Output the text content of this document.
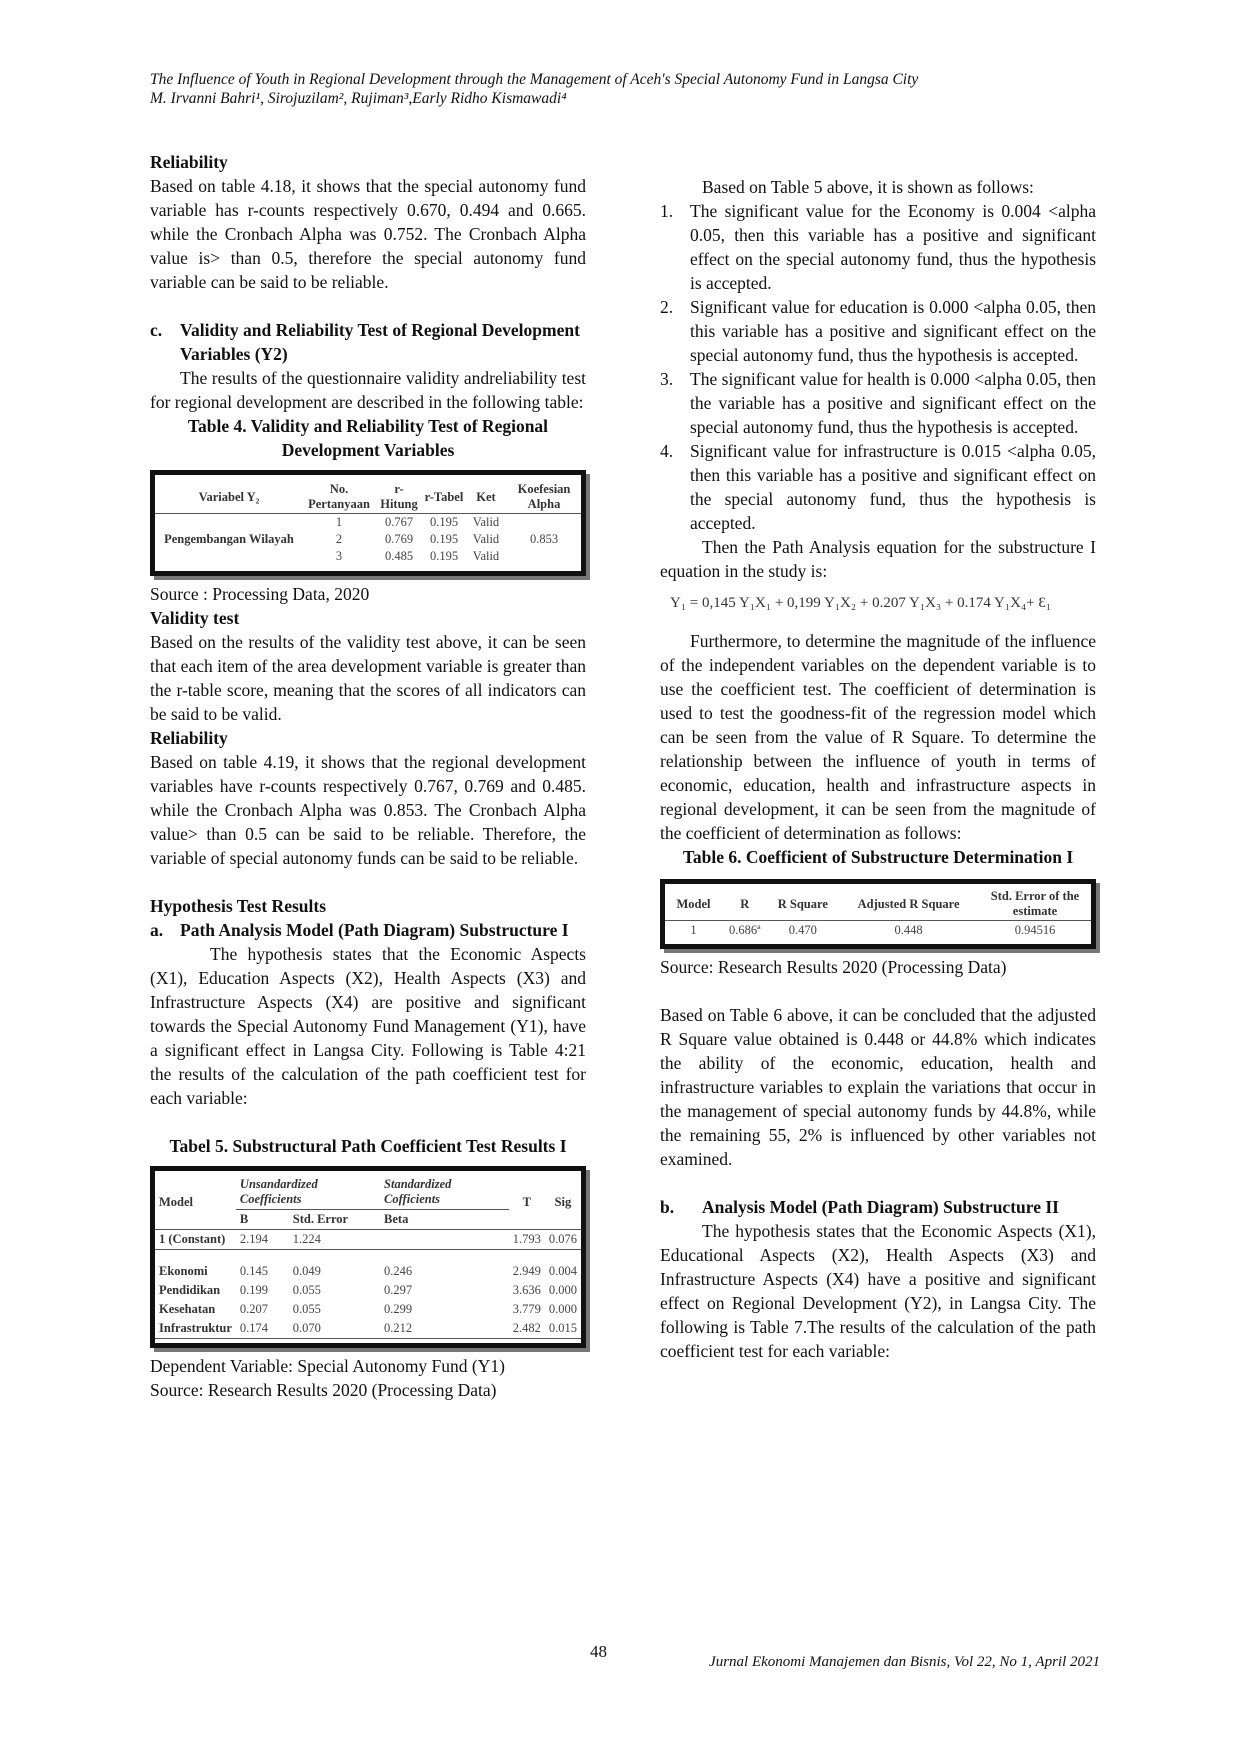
The Influence of Youth in Regional Development through the Management of Aceh's Special Autonomy Fund in Langsa City
M. Irvanni Bahri¹, Sirojuzilam², Rujiman³,Early Ridho Kismawadi⁴

Reliability

Based on table 4.18, it shows that the special autonomy fund variable has r-counts respectively 0.670, 0.494 and 0.665. while the Cronbach Alpha was 0.752. The Cronbach Alpha value is> than 0.5, therefore the special autonomy fund variable can be said to be reliable.

c.	Validity and Reliability Test of Regional Development Variables (Y2)

The results of the questionnaire validity andreliability test for regional development are described in the following table:

Table 4. Validity and Reliability Test of Regional Development Variables

Variabel Y₂	No. Pertanyaan	r-Hitung	r-Tabel	Ket	Koefesian Alpha
Pengembangan Wilayah	1	0.767	0.195	Valid	0.853
	2	0.769	0.195	Valid	
	3	0.485	0.195	Valid	

Source : Processing Data, 2020

Validity test

Based on the results of the validity test above, it can be seen that each item of the area development variable is greater than the r-table score, meaning that the scores of all indicators can be said to be valid.

Reliability

Based on table 4.19, it shows that the regional development variables have r-counts respectively 0.767, 0.769 and 0.485. while the Cronbach Alpha was 0.853. The Cronbach Alpha value> than 0.5 can be said to be reliable. Therefore, the variable of special autonomy funds can be said to be reliable.

Hypothesis Test Results

a. Path Analysis Model (Path Diagram) Substructure I

The hypothesis states that the Economic Aspects (X1), Education Aspects (X2), Health Aspects (X3) and Infrastructure Aspects (X4) are positive and significant towards the Special Autonomy Fund Management (Y1), have a significant effect in Langsa City. Following is Table 4:21 the results of the calculation of the path coefficient test for each variable:

Tabel 5. Substructural Path Coefficient Test Results I

Model	Unsandardized Coefficients		Standardized Cofficients	T	Sig
	B	Std. Error	Beta		
1 (Constant)	2.194	1.224		1.793	0.076

Ekonomi	0.145	0.049	0.246	2.949	0.004
Pendidikan	0.199	0.055	0.297	3.636	0.000
Kesehatan	0.207	0.055	0.299	3.779	0.000
Infrastruktur	0.174	0.070	0.212	2.482	0.015

Dependent Variable: Special Autonomy Fund (Y1)

Source: Research Results 2020 (Processing Data)

Based on Table 5 above, it is shown as follows:

1. The significant value for the Economy is 0.004 <alpha 0.05, then this variable has a positive and significant effect on the special autonomy fund, thus the hypothesis is accepted.
2. Significant value for education is 0.000 <alpha 0.05, then this variable has a positive and significant effect on the special autonomy fund, thus the hypothesis is accepted.
3. The significant value for health is 0.000 <alpha 0.05, then the variable has a positive and significant effect on the special autonomy fund, thus the hypothesis is accepted.
4. Significant value for infrastructure is 0.015 <alpha 0.05, then this variable has a positive and significant effect on the special autonomy fund, thus the hypothesis is accepted.

Then the Path Analysis equation for the substructure I equation in the study is:

Y₁ = 0,145 Y₁X₁ + 0,199 Y₁X₂ + 0.207 Y₁X₃ + 0.174 Y₁X₄+ Ɛ₁

Furthermore, to determine the magnitude of the influence of the independent variables on the dependent variable is to use the coefficient test. The coefficient of determination is used to test the goodness-fit of the regression model which can be seen from the value of R Square. To determine the relationship between the influence of youth in terms of economic, education, health and infrastructure aspects in regional development, it can be seen from the magnitude of the coefficient of determination as follows:

Table 6. Coefficient of Substructure Determination I

Model	R	R Square	Adjusted R Square	Std. Error of the estimate
1	0.686ª	0.470	0.448	0.94516

Source: Research Results 2020 (Processing Data)

Based on Table 6 above, it can be concluded that the adjusted R Square value obtained is 0.448 or 44.8% which indicates the ability of the economic, education, health and infrastructure variables to explain the variations that occur in the management of special autonomy funds by 44.8%, while the remaining 55, 2% is influenced by other variables not examined.

b.	Analysis Model (Path Diagram) Substructure II

The hypothesis states that the Economic Aspects (X1), Educational Aspects (X2), Health Aspects (X3) and Infrastructure Aspects (X4) have a positive and significant effect on Regional Development (Y2), in Langsa City. The following is Table 7.The results of the calculation of the path coefficient test for each variable:

48
Jurnal Ekonomi Manajemen dan Bisnis, Vol 22, No 1, April 2021
